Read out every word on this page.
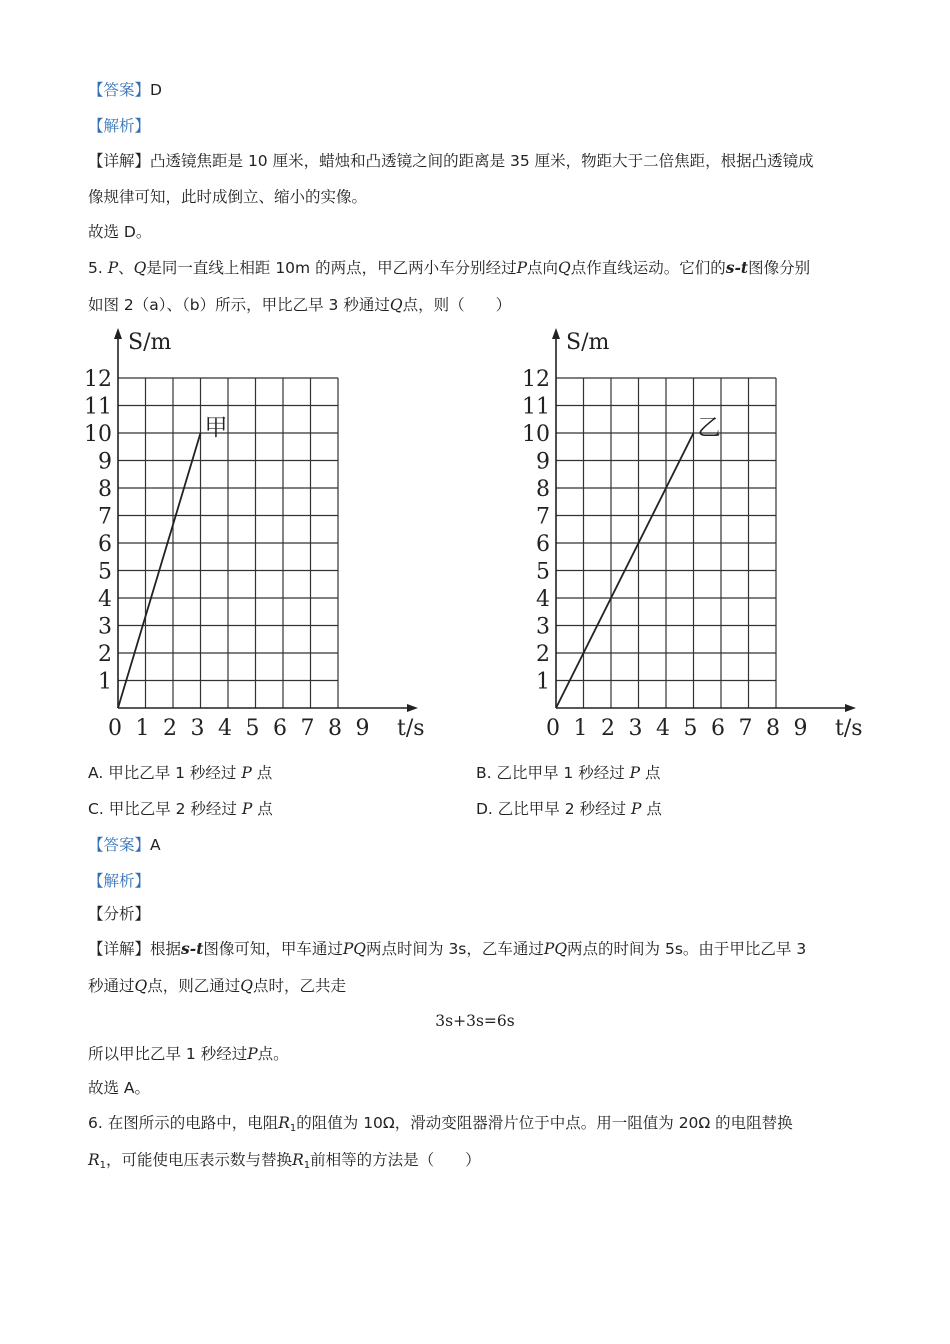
【答案】D
【解析】
【详解】凸透镜焦距是 10 厘米，蜡烛和凸透镜之间的距离是 35 厘米，物距大于二倍焦距，根据凸透镜成
像规律可知，此时成倒立、缩小的实像。
故选 D。
5. P、Q是同一直线上相距 10m 的两点，甲乙两小车分别经过P点向Q点作直线运动。它们的s-t图像分别
如图 2（a）、（b）所示，甲比乙早 3 秒通过Q点，则（　　）
1
2
3
4
5
6
7
8
9
10
11
12
0 1 2 3 4 5 6 7 8 9
S/m
t/s
甲
1
2
3
4
5
6
7
8
9
10
11
12
0 1 2 3 4 5 6 7 8 9
S/m
t/s
乙
A. 甲比乙早 1 秒经过 P 点	B. 乙比甲早 1 秒经过 P 点
C. 甲比乙早 2 秒经过 P 点	D. 乙比甲早 2 秒经过 P 点
【答案】A
【解析】
【分析】
【详解】根据s-t图像可知，甲车通过PQ两点时间为 3s，乙车通过PQ两点的时间为 5s。由于甲比乙早 3
秒通过Q点，则乙通过Q点时，乙共走
3s+3s=6s
所以甲比乙早 1 秒经过P点。
故选 A。
6. 在图所示的电路中，电阻$R_1$的阻值为 10Ω，滑动变阻器滑片位于中点。用一阻值为 20Ω 的电阻替换
$R_1$，可能使电压表示数与替换$R_1$前相等的方法是（　　）
